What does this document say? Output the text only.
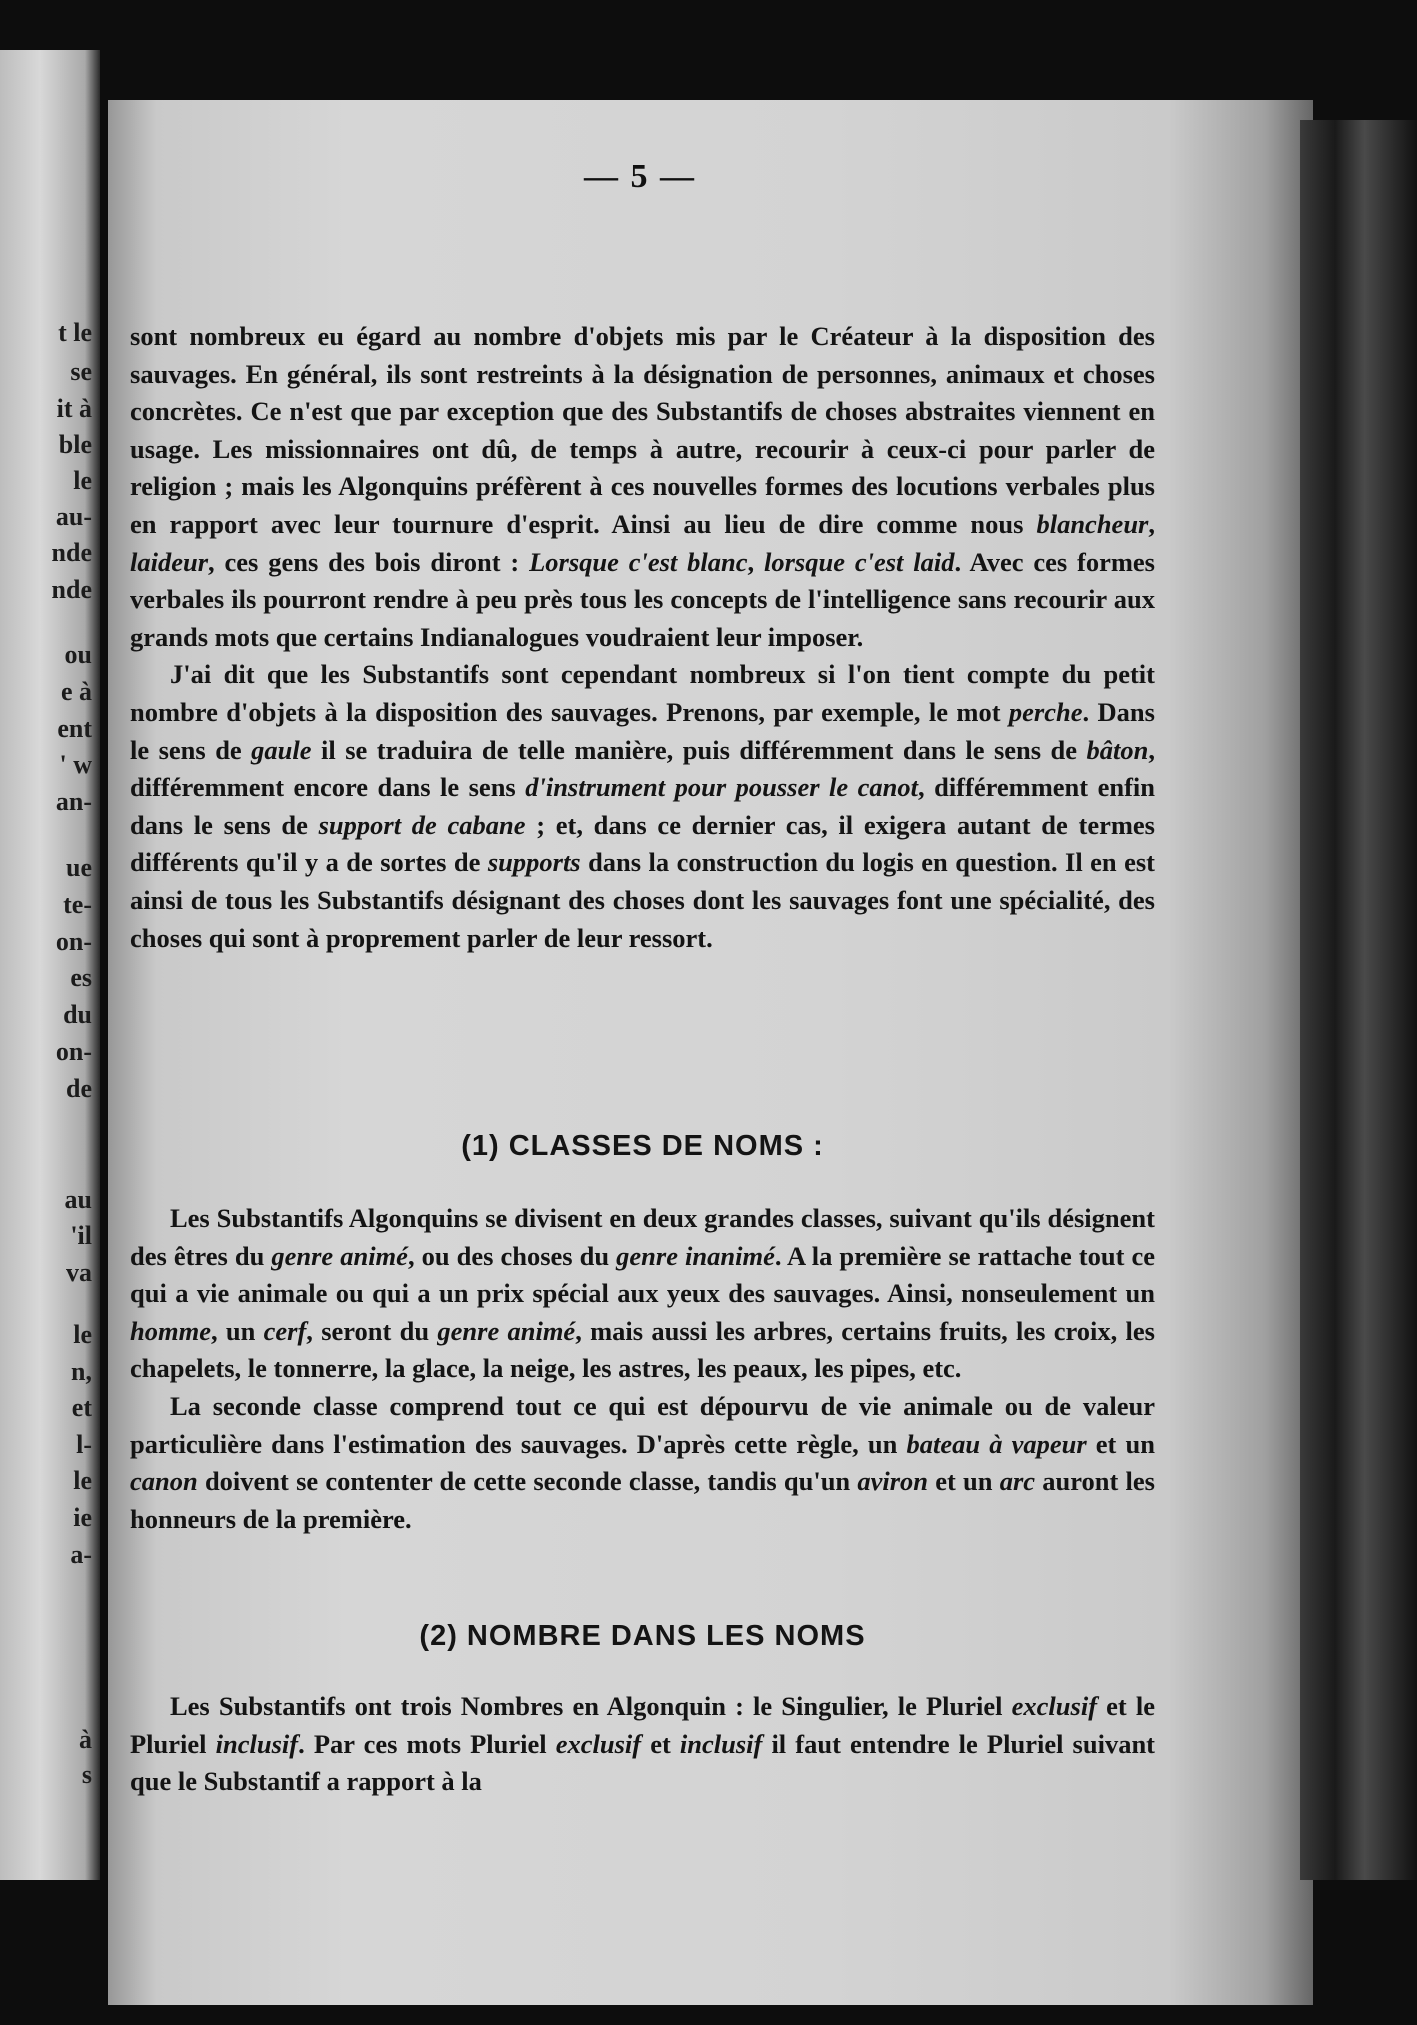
t le
se
it à
ble
le
au-
nde
nde
ou
e à
ent
' w
an-
ue
te-
on-
es
du
on-
de
au
'il
va
le
n,
et
l-
le
ie
a-
à
s
— 5 —

sont nombreux eu égard au nombre d'objets mis par le Créateur à la disposition des sauvages. En général, ils sont restreints à la désignation de personnes, animaux et choses concrètes. Ce n'est que par exception que des Substantifs de choses abstraites viennent en usage. Les missionnaires ont dû, de temps à autre, recourir à ceux-ci pour parler de religion ; mais les Algonquins préfèrent à ces nouvelles formes des locutions verbales plus en rapport avec leur tournure d'esprit. Ainsi au lieu de dire comme nous blancheur, laideur, ces gens des bois diront : Lorsque c'est blanc, lorsque c'est laid. Avec ces formes verbales ils pourront rendre à peu près tous les concepts de l'intelligence sans recourir aux grands mots que certains Indianalogues voudraient leur imposer.

J'ai dit que les Substantifs sont cependant nombreux si l'on tient compte du petit nombre d'objets à la disposition des sauvages. Prenons, par exemple, le mot perche. Dans le sens de gaule il se traduira de telle manière, puis différemment dans le sens de bâton, différemment encore dans le sens d'instrument pour pousser le canot, différemment enfin dans le sens de support de cabane ; et, dans ce dernier cas, il exigera autant de termes différents qu'il y a de sortes de supports dans la construction du logis en question. Il en est ainsi de tous les Substantifs désignant des choses dont les sauvages font une spécialité, des choses qui sont à proprement parler de leur ressort.

(1) CLASSES DE NOMS :

Les Substantifs Algonquins se divisent en deux grandes classes, suivant qu'ils désignent des êtres du genre animé, ou des choses du genre inanimé. A la première se rattache tout ce qui a vie animale ou qui a un prix spécial aux yeux des sauvages. Ainsi, nonseulement un homme, un cerf, seront du genre animé, mais aussi les arbres, certains fruits, les croix, les chapelets, le tonnerre, la glace, la neige, les astres, les peaux, les pipes, etc.

La seconde classe comprend tout ce qui est dépourvu de vie animale ou de valeur particulière dans l'estimation des sauvages. D'après cette règle, un bateau à vapeur et un canon doivent se contenter de cette seconde classe, tandis qu'un aviron et un arc auront les honneurs de la première.

(2) NOMBRE DANS LES NOMS

Les Substantifs ont trois Nombres en Algonquin : le Singulier, le Pluriel exclusif et le Pluriel inclusif. Par ces mots Pluriel exclusif et inclusif il faut entendre le Pluriel suivant que le Substantif a rapport à la
